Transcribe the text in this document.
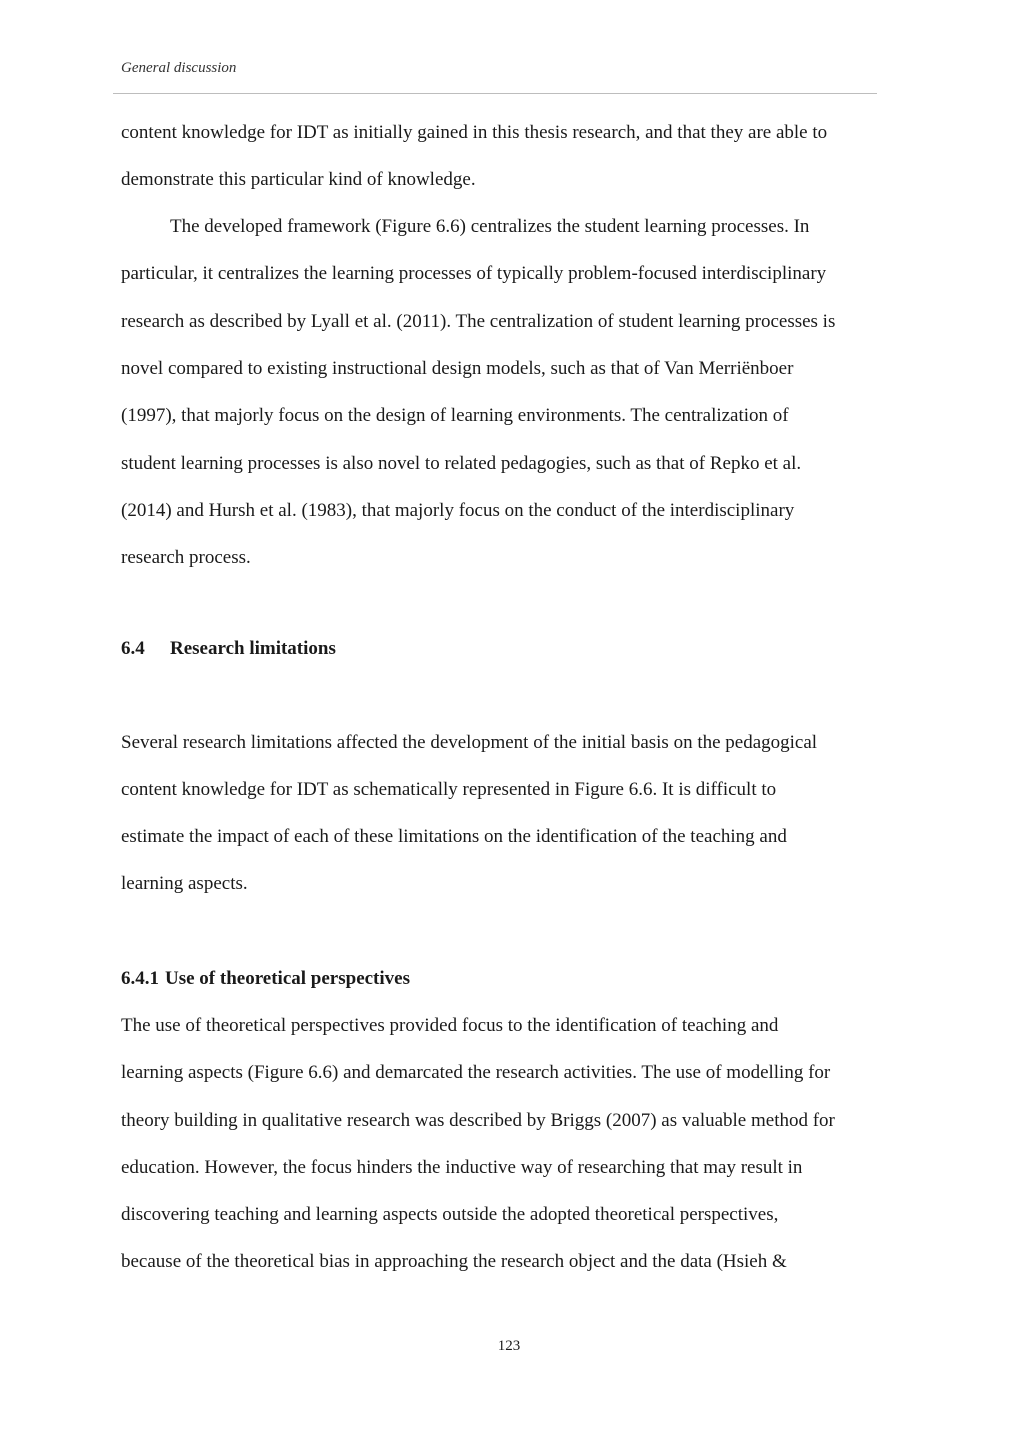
General discussion
content knowledge for IDT as initially gained in this thesis research, and that they are able to
demonstrate this particular kind of knowledge.
The developed framework (Figure 6.6) centralizes the student learning processes. In
particular, it centralizes the learning processes of typically problem-focused interdisciplinary
research as described by Lyall et al. (2011). The centralization of student learning processes is
novel compared to existing instructional design models, such as that of Van Merriënboer
(1997), that majorly focus on the design of learning environments. The centralization of
student learning processes is also novel to related pedagogies, such as that of Repko et al.
(2014) and Hursh et al. (1983), that majorly focus on the conduct of the interdisciplinary
research process.
6.4 Research limitations
Several research limitations affected the development of the initial basis on the pedagogical
content knowledge for IDT as schematically represented in Figure 6.6. It is difficult to
estimate the impact of each of these limitations on the identification of the teaching and
learning aspects.
6.4.1 Use of theoretical perspectives
The use of theoretical perspectives provided focus to the identification of teaching and
learning aspects (Figure 6.6) and demarcated the research activities. The use of modelling for
theory building in qualitative research was described by Briggs (2007) as valuable method for
education. However, the focus hinders the inductive way of researching that may result in
discovering teaching and learning aspects outside the adopted theoretical perspectives,
because of the theoretical bias in approaching the research object and the data (Hsieh &
123
